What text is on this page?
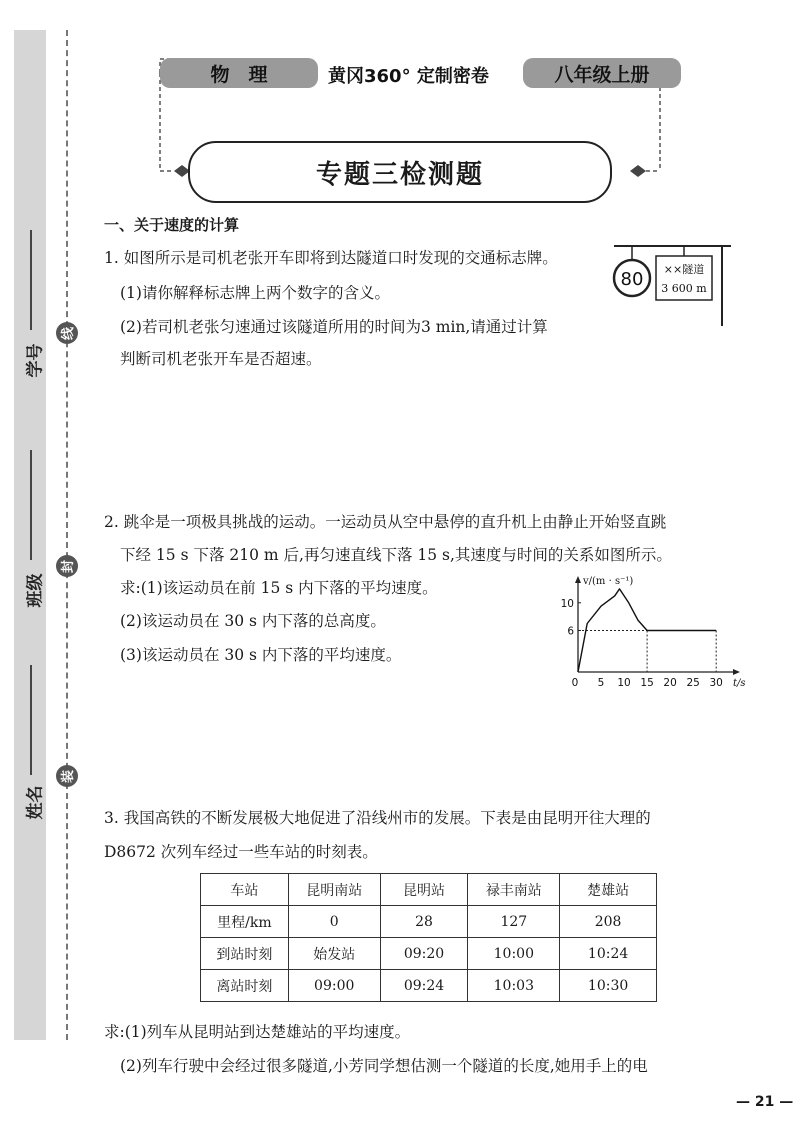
学号
班级
姓名
线
封
装
物　理	黄冈360° 定制密卷	八年级上册
专题三检测题
一、关于速度的计算
1. 如图所示是司机老张开车即将到达隧道口时发现的交通标志牌。
(1)请你解释标志牌上两个数字的含义。
(2)若司机老张匀速通过该隧道所用的时间为3 min,请通过计算
判断司机老张开车是否超速。
80 ××隧道
3 600 m
2. 跳伞是一项极具挑战的运动。一运动员从空中悬停的直升机上由静止开始竖直跳
下经 15 s 下落 210 m 后,再匀速直线下落 15 s,其速度与时间的关系如图所示。
求:(1)该运动员在前 15 s 内下落的平均速度。
(2)该运动员在 30 s 内下落的总高度。
(3)该运动员在 30 s 内下落的平均速度。
v/(m · s⁻¹)
t/s
0 5 10 15 20 25 30
6
10
3. 我国高铁的不断发展极大地促进了沿线州市的发展。下表是由昆明开往大理的
D8672 次列车经过一些车站的时刻表。
车站	昆明南站	昆明站	禄丰南站	楚雄站
里程/km	0	28	127	208
到站时刻	始发站	09:20	10:00	10:24
离站时刻	09:00	09:24	10:03	10:30
求:(1)列车从昆明站到达楚雄站的平均速度。
(2)列车行驶中会经过很多隧道,小芳同学想估测一个隧道的长度,她用手上的电
— 21 —
